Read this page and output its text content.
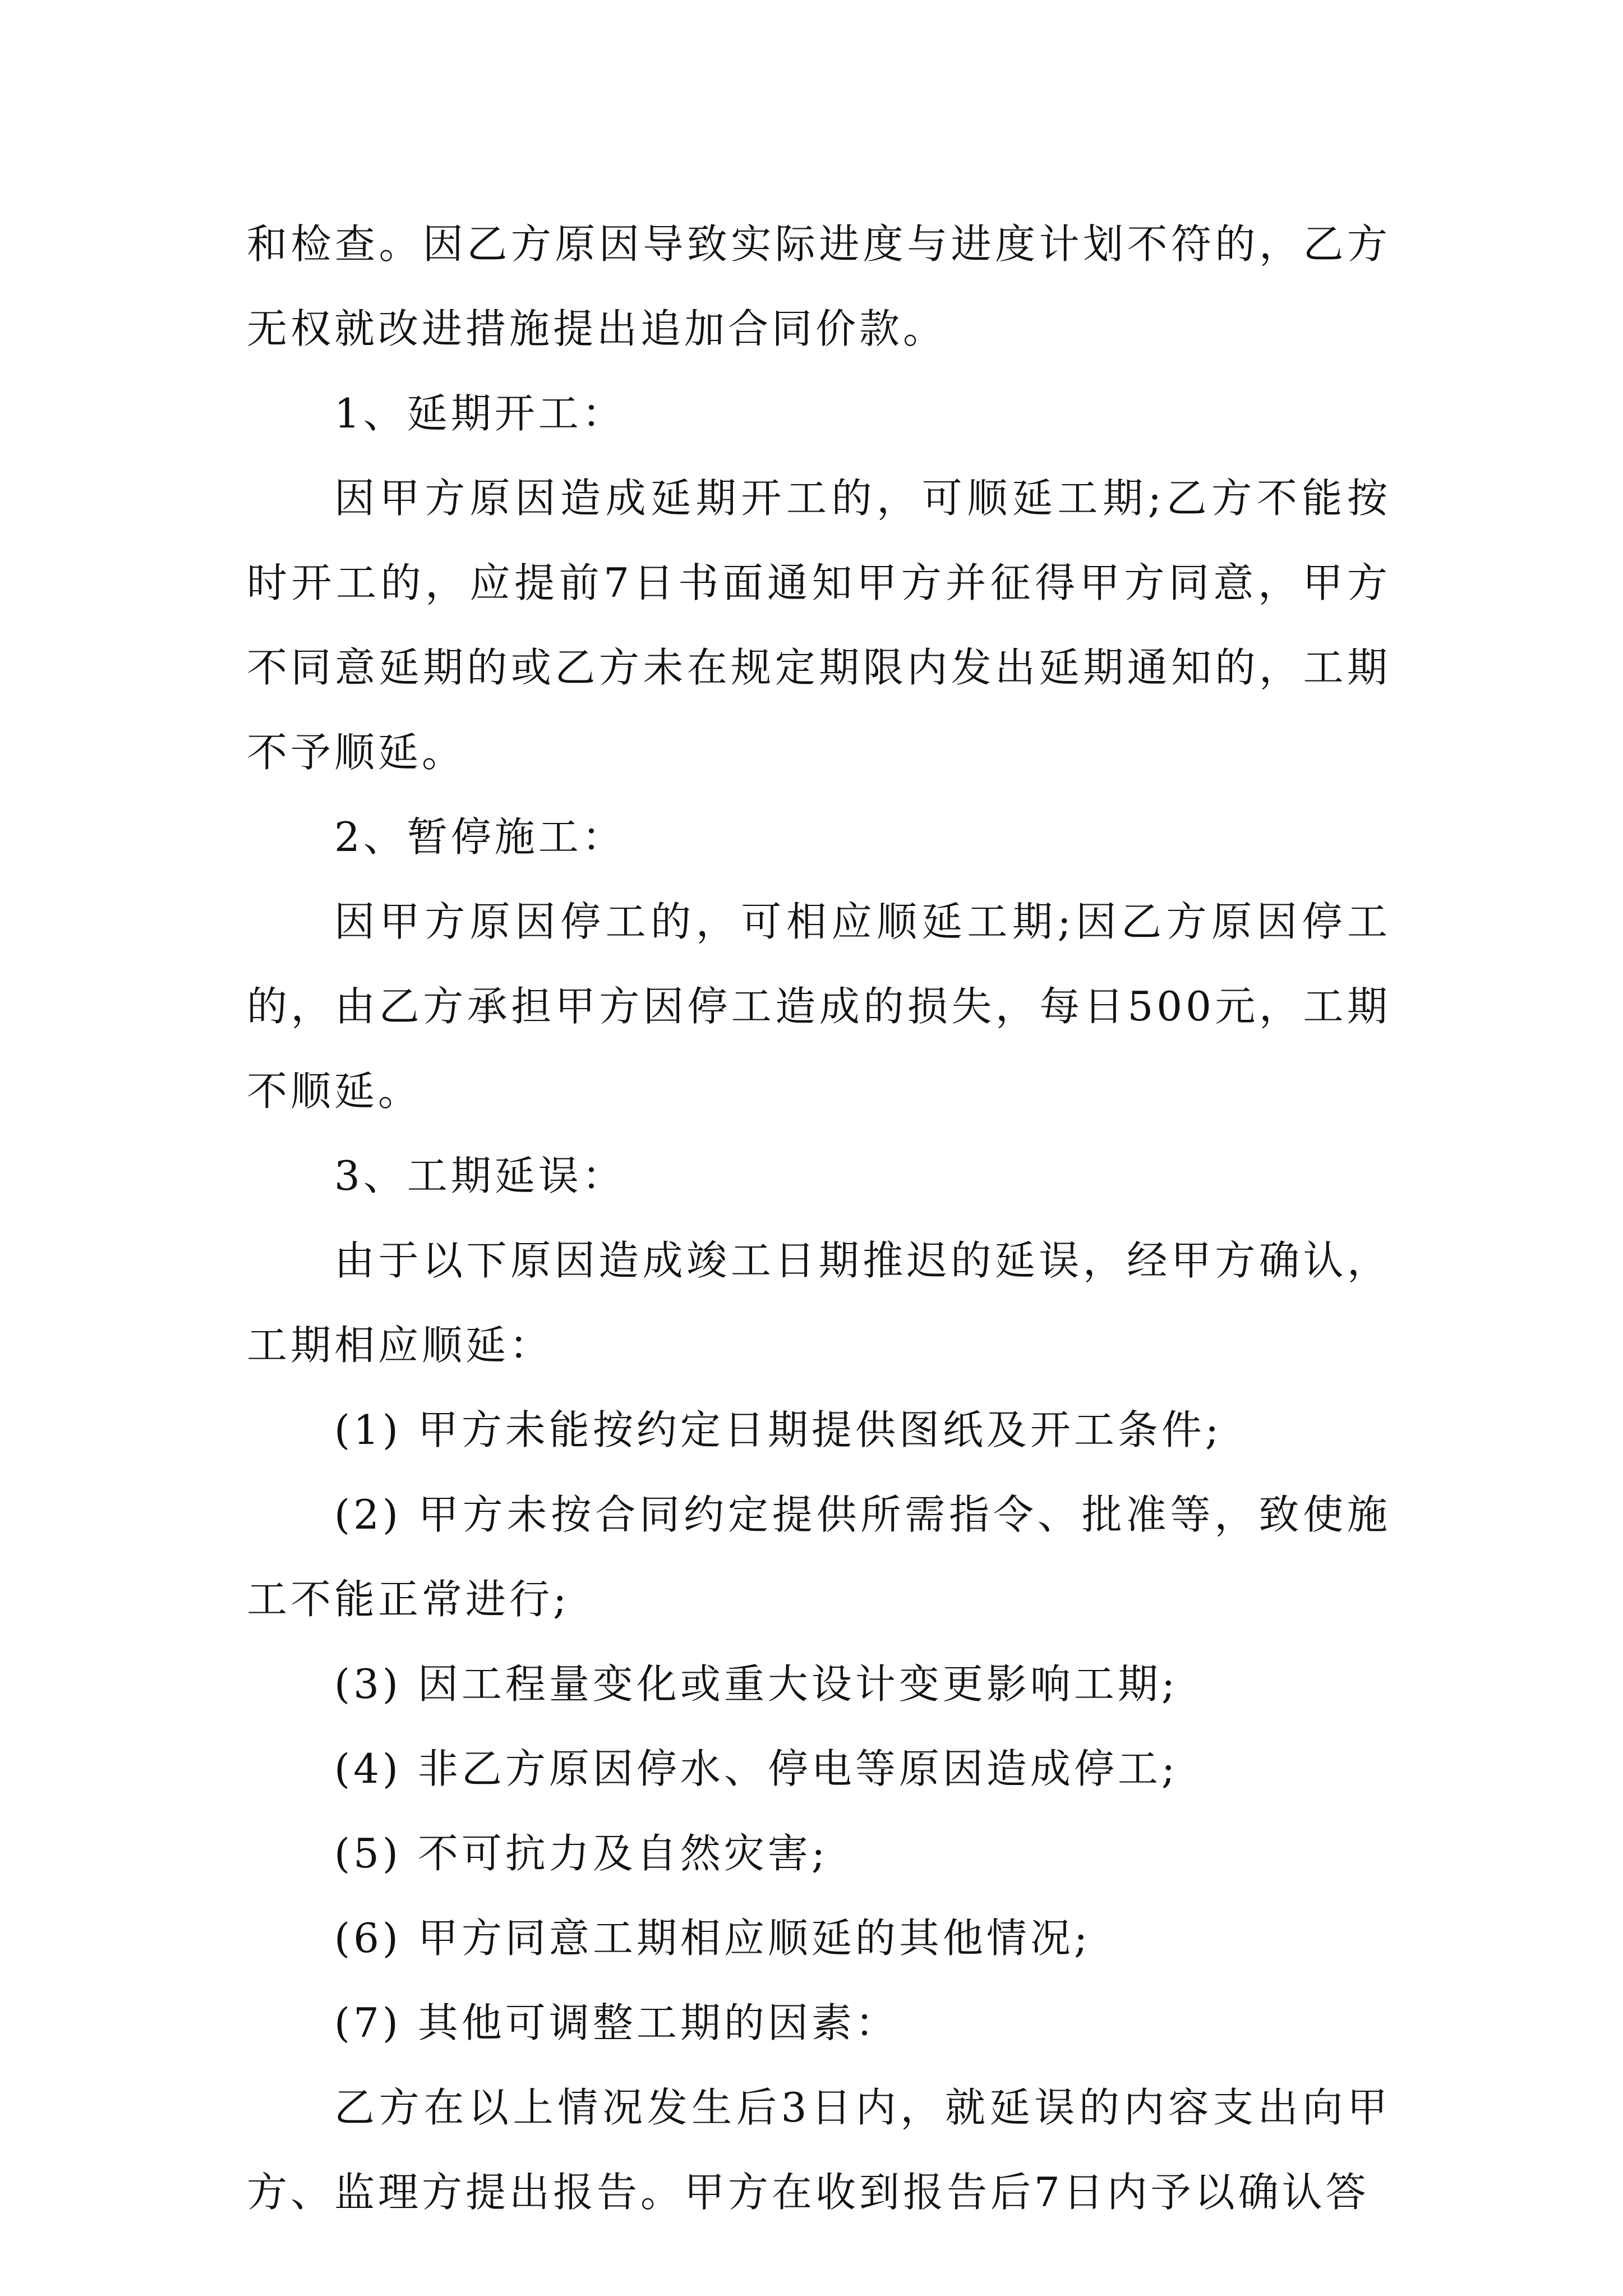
和检查。因乙方原因导致实际进度与进度计划不符的，乙方无权就改进措施提出追加合同价款。

1、延期开工：

因甲方原因造成延期开工的，可顺延工期;乙方不能按时开工的，应提前7日书面通知甲方并征得甲方同意，甲方不同意延期的或乙方未在规定期限内发出延期通知的，工期不予顺延。

2、暂停施工：

因甲方原因停工的，可相应顺延工期;因乙方原因停工的，由乙方承担甲方因停工造成的损失，每日500元，工期不顺延。

3、工期延误：

由于以下原因造成竣工日期推迟的延误，经甲方确认，工期相应顺延：

(1) 甲方未能按约定日期提供图纸及开工条件;

(2) 甲方未按合同约定提供所需指令、批准等，致使施工不能正常进行;

(3) 因工程量变化或重大设计变更影响工期;

(4) 非乙方原因停水、停电等原因造成停工;

(5) 不可抗力及自然灾害;

(6) 甲方同意工期相应顺延的其他情况;

(7) 其他可调整工期的因素：

乙方在以上情况发生后3日内，就延误的内容支出向甲方、监理方提出报告。甲方在收到报告后7日内予以确认答
